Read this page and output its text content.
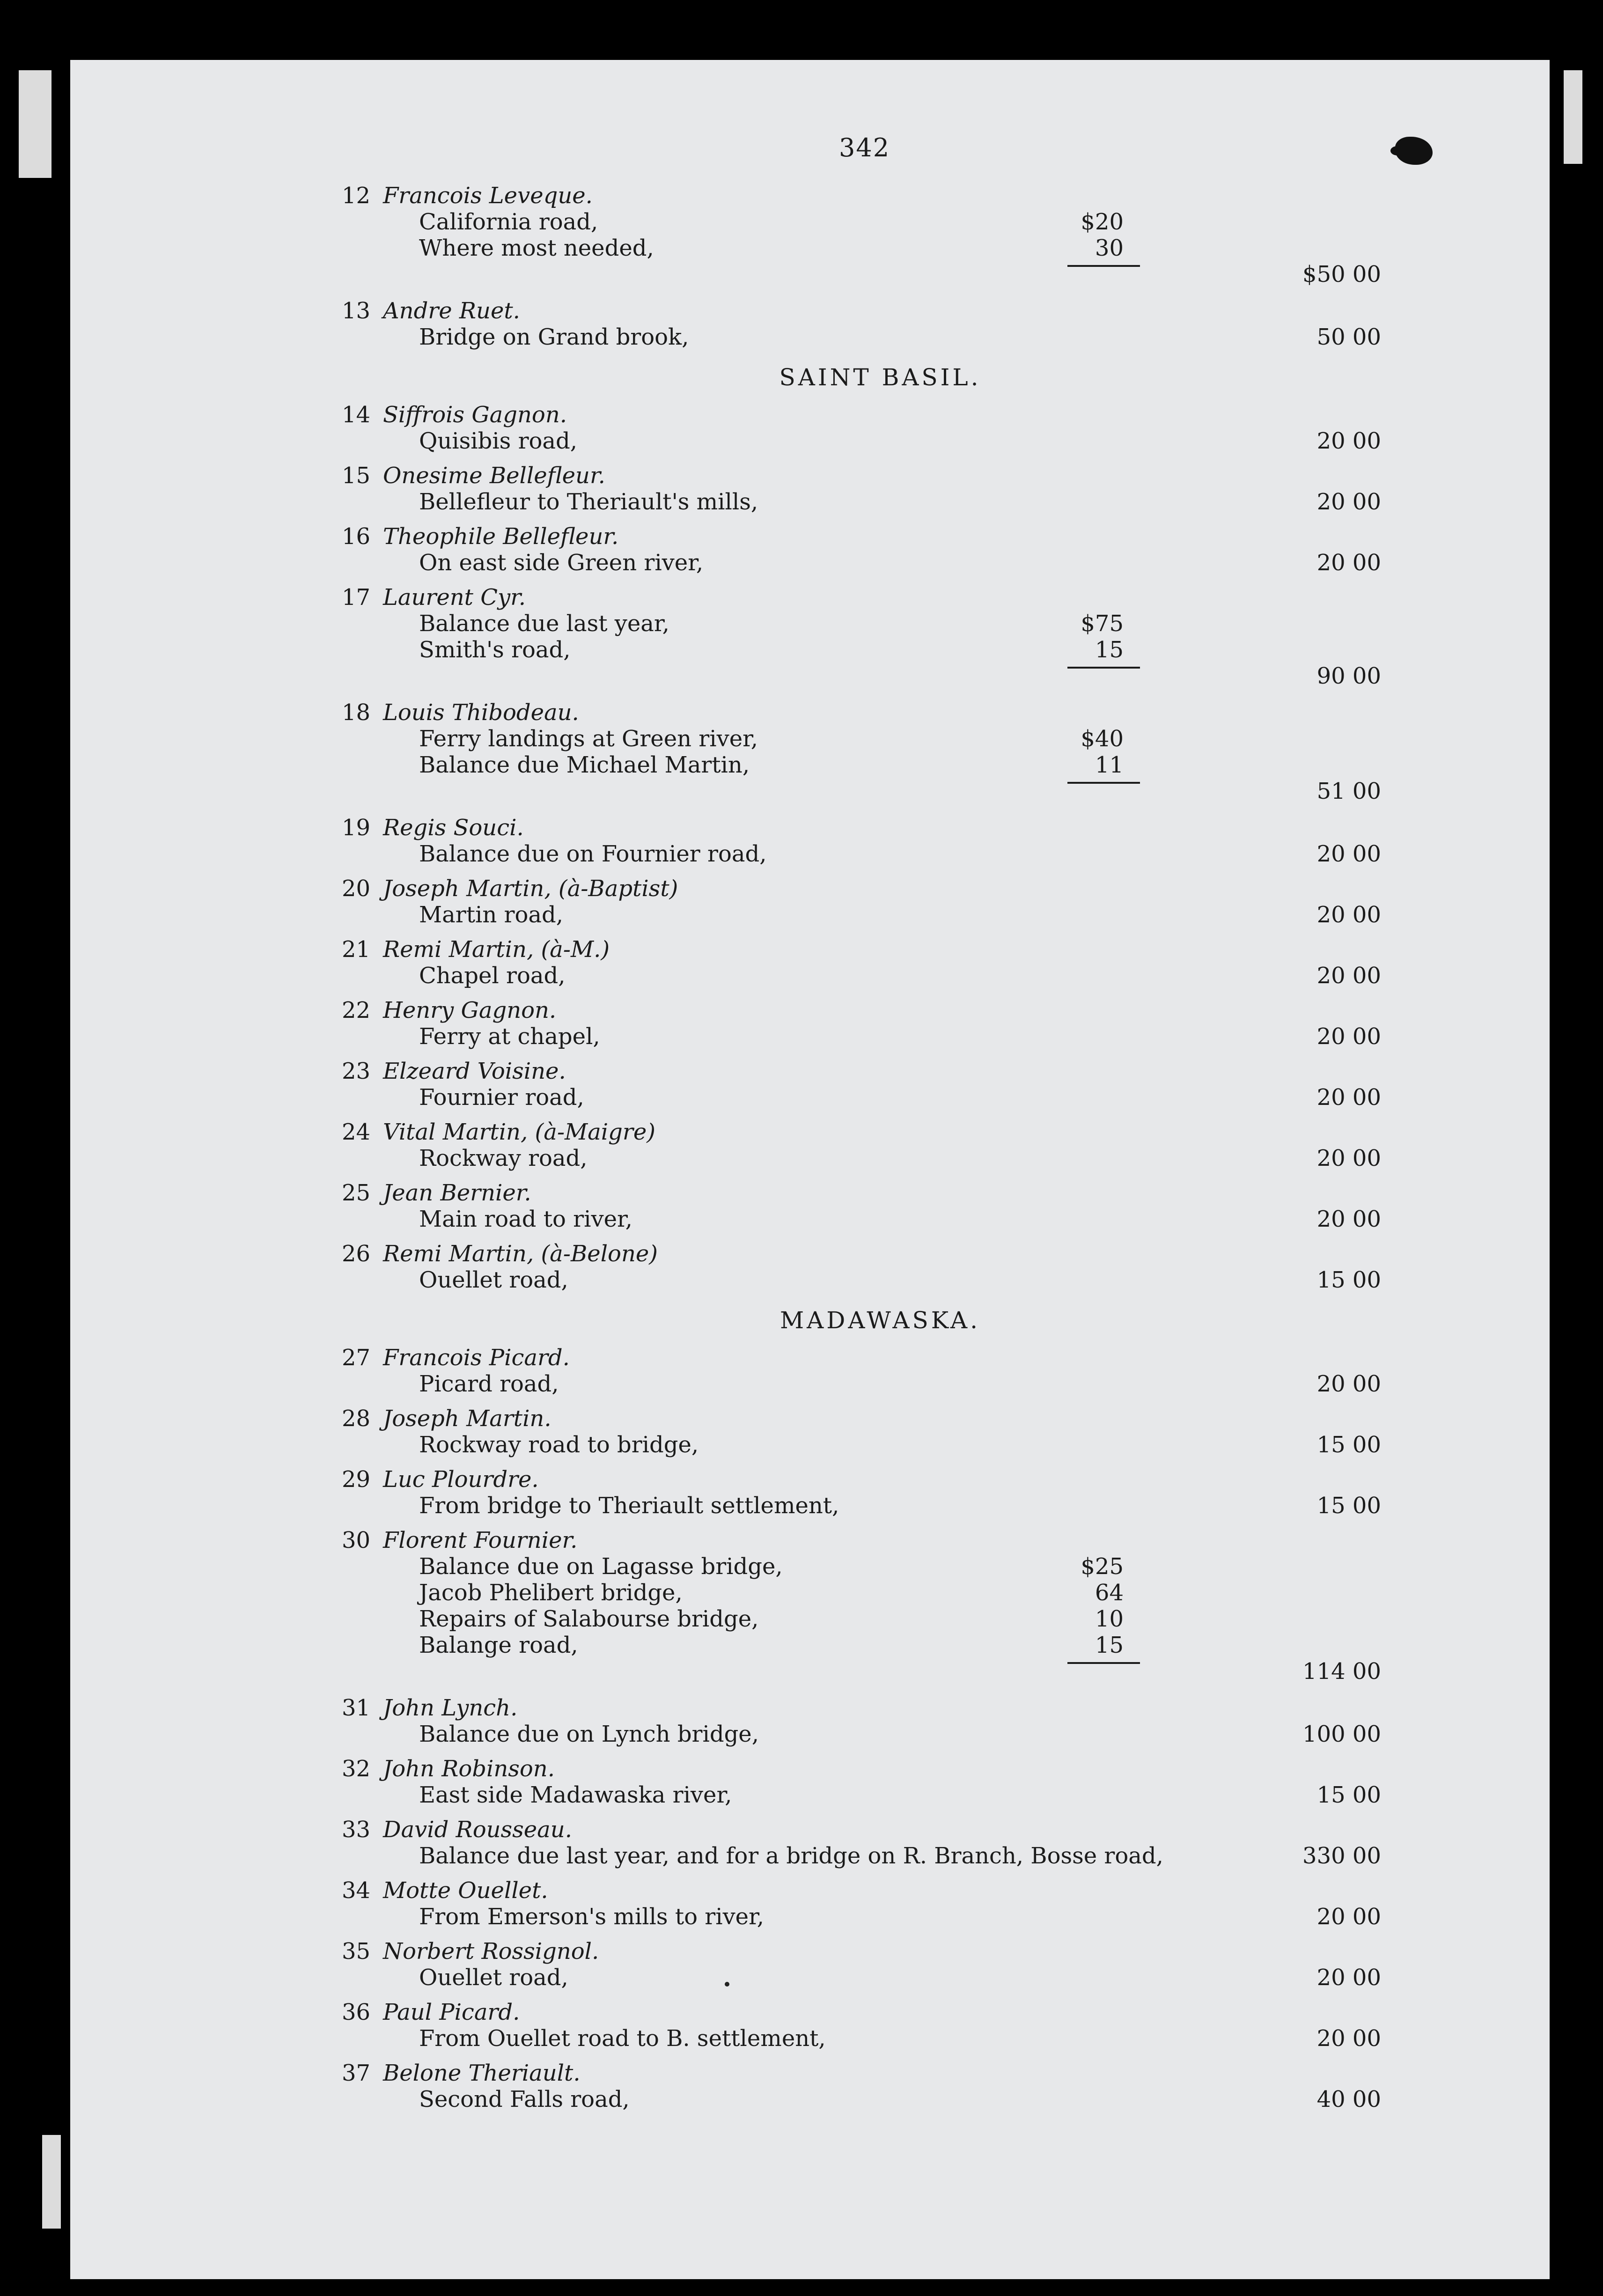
342
12 Francois Leveque.
California road,	$20
Where most needed,	30
$50 00
13 Andre Ruet.
Bridge on Grand brook,	50 00
SAINT BASIL.
14 Siffrois Gagnon.
Quisibis road,	20 00
15 Onesime Bellefleur.
Bellefleur to Theriault's mills,	20 00
16 Theophile Bellefleur.
On east side Green river,	20 00
17 Laurent Cyr.
Balance due last year,	$75
Smith's road,	15
90 00
18 Louis Thibodeau.
Ferry landings at Green river,	$40
Balance due Michael Martin,	11
51 00
19 Regis Souci.
Balance due on Fournier road,	20 00
20 Joseph Martin, (à-Baptist)
Martin road,	20 00
21 Remi Martin, (à-M.)
Chapel road,	20 00
22 Henry Gagnon.
Ferry at chapel,	20 00
23 Elzeard Voisine.
Fournier road,	20 00
24 Vital Martin, (à-Maigre)
Rockway road,	20 00
25 Jean Bernier.
Main road to river,	20 00
26 Remi Martin, (à-Belone)
Ouellet road,	15 00
MADAWASKA.
27 Francois Picard.
Picard road,	20 00
28 Joseph Martin.
Rockway road to bridge,	15 00
29 Luc Plourdre.
From bridge to Theriault settlement,	15 00
30 Florent Fournier.
Balance due on Lagasse bridge,	$25
Jacob Phelibert bridge,	64
Repairs of Salabourse bridge,	10
Balange road,	15
114 00
31 John Lynch.
Balance due on Lynch bridge,	100 00
32 John Robinson.
East side Madawaska river,	15 00
33 David Rousseau.
Balance due last year, and for a bridge on R. Branch, Bosse road,	330 00
34 Motte Ouellet.
From Emerson's mills to river,	20 00
35 Norbert Rossignol.
Ouellet road,	20 00
36 Paul Picard.
From Ouellet road to B. settlement,	20 00
37 Belone Theriault.
Second Falls road,	40 00
